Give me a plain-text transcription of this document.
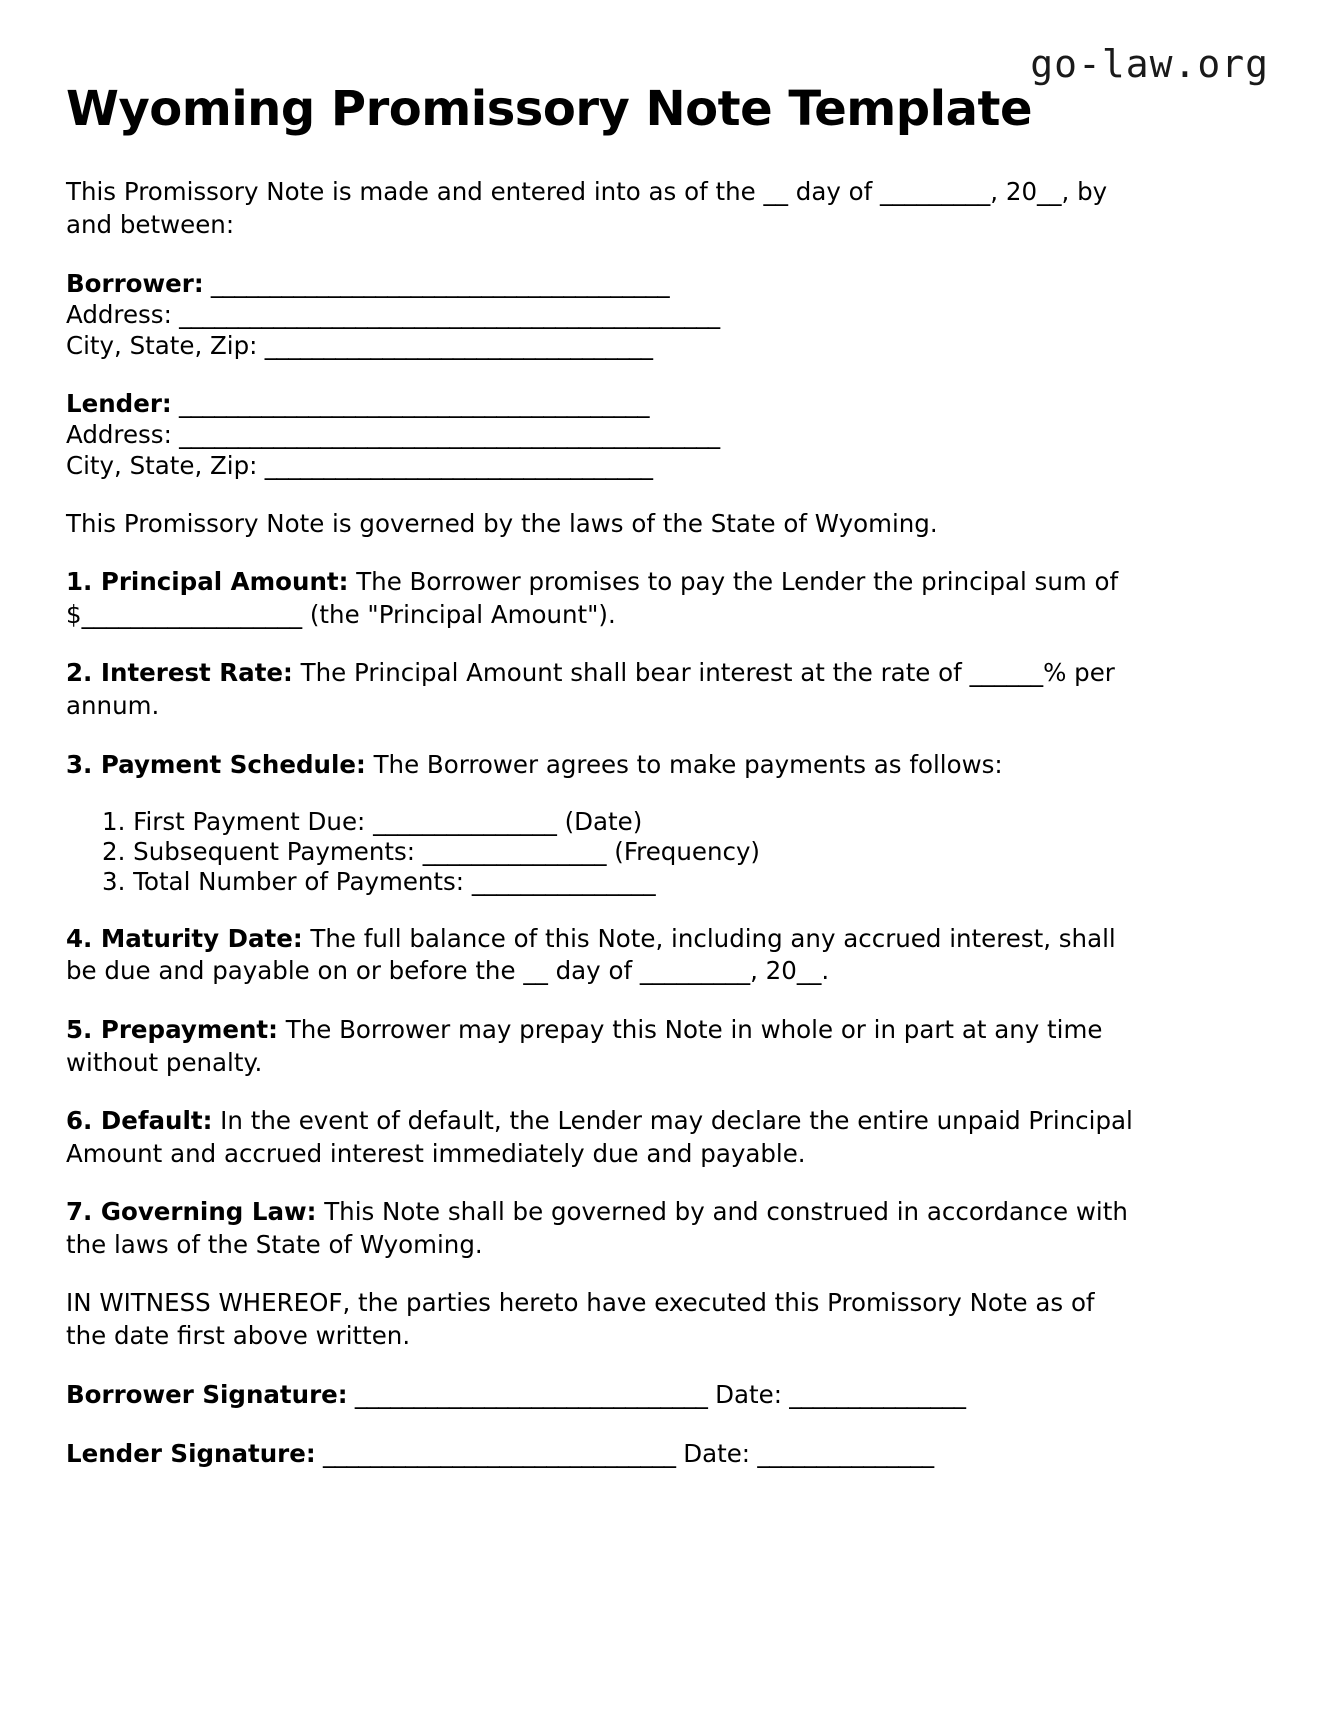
go-law.org
Wyoming Promissory Note Template

This Promissory Note is made and entered into as of the __ day of _________, 20__, by and between:

Borrower: _______________________________________
Address: ______________________________________________
City, State, Zip: _________________________________
Lender: ________________________________________
Address: ______________________________________________
City, State, Zip: _________________________________

This Promissory Note is governed by the laws of the State of Wyoming.

1. Principal Amount: The Borrower promises to pay the Lender the principal sum of $__________________ (the "Principal Amount").

2. Interest Rate: The Principal Amount shall bear interest at the rate of ______% per annum.

3. Payment Schedule: The Borrower agrees to make payments as follows:

1. First Payment Due: _______________ (Date)
2. Subsequent Payments: _______________ (Frequency)
3. Total Number of Payments: _______________

4. Maturity Date: The full balance of this Note, including any accrued interest, shall be due and payable on or before the __ day of _________, 20__.

5. Prepayment: The Borrower may prepay this Note in whole or in part at any time without penalty.

6. Default: In the event of default, the Lender may declare the entire unpaid Principal Amount and accrued interest immediately due and payable.

7. Governing Law: This Note shall be governed by and construed in accordance with the laws of the State of Wyoming.

IN WITNESS WHEREOF, the parties hereto have executed this Promissory Note as of the date first above written.

Borrower Signature: ______________________________ Date: _______________
Lender Signature: ______________________________ Date: _______________
